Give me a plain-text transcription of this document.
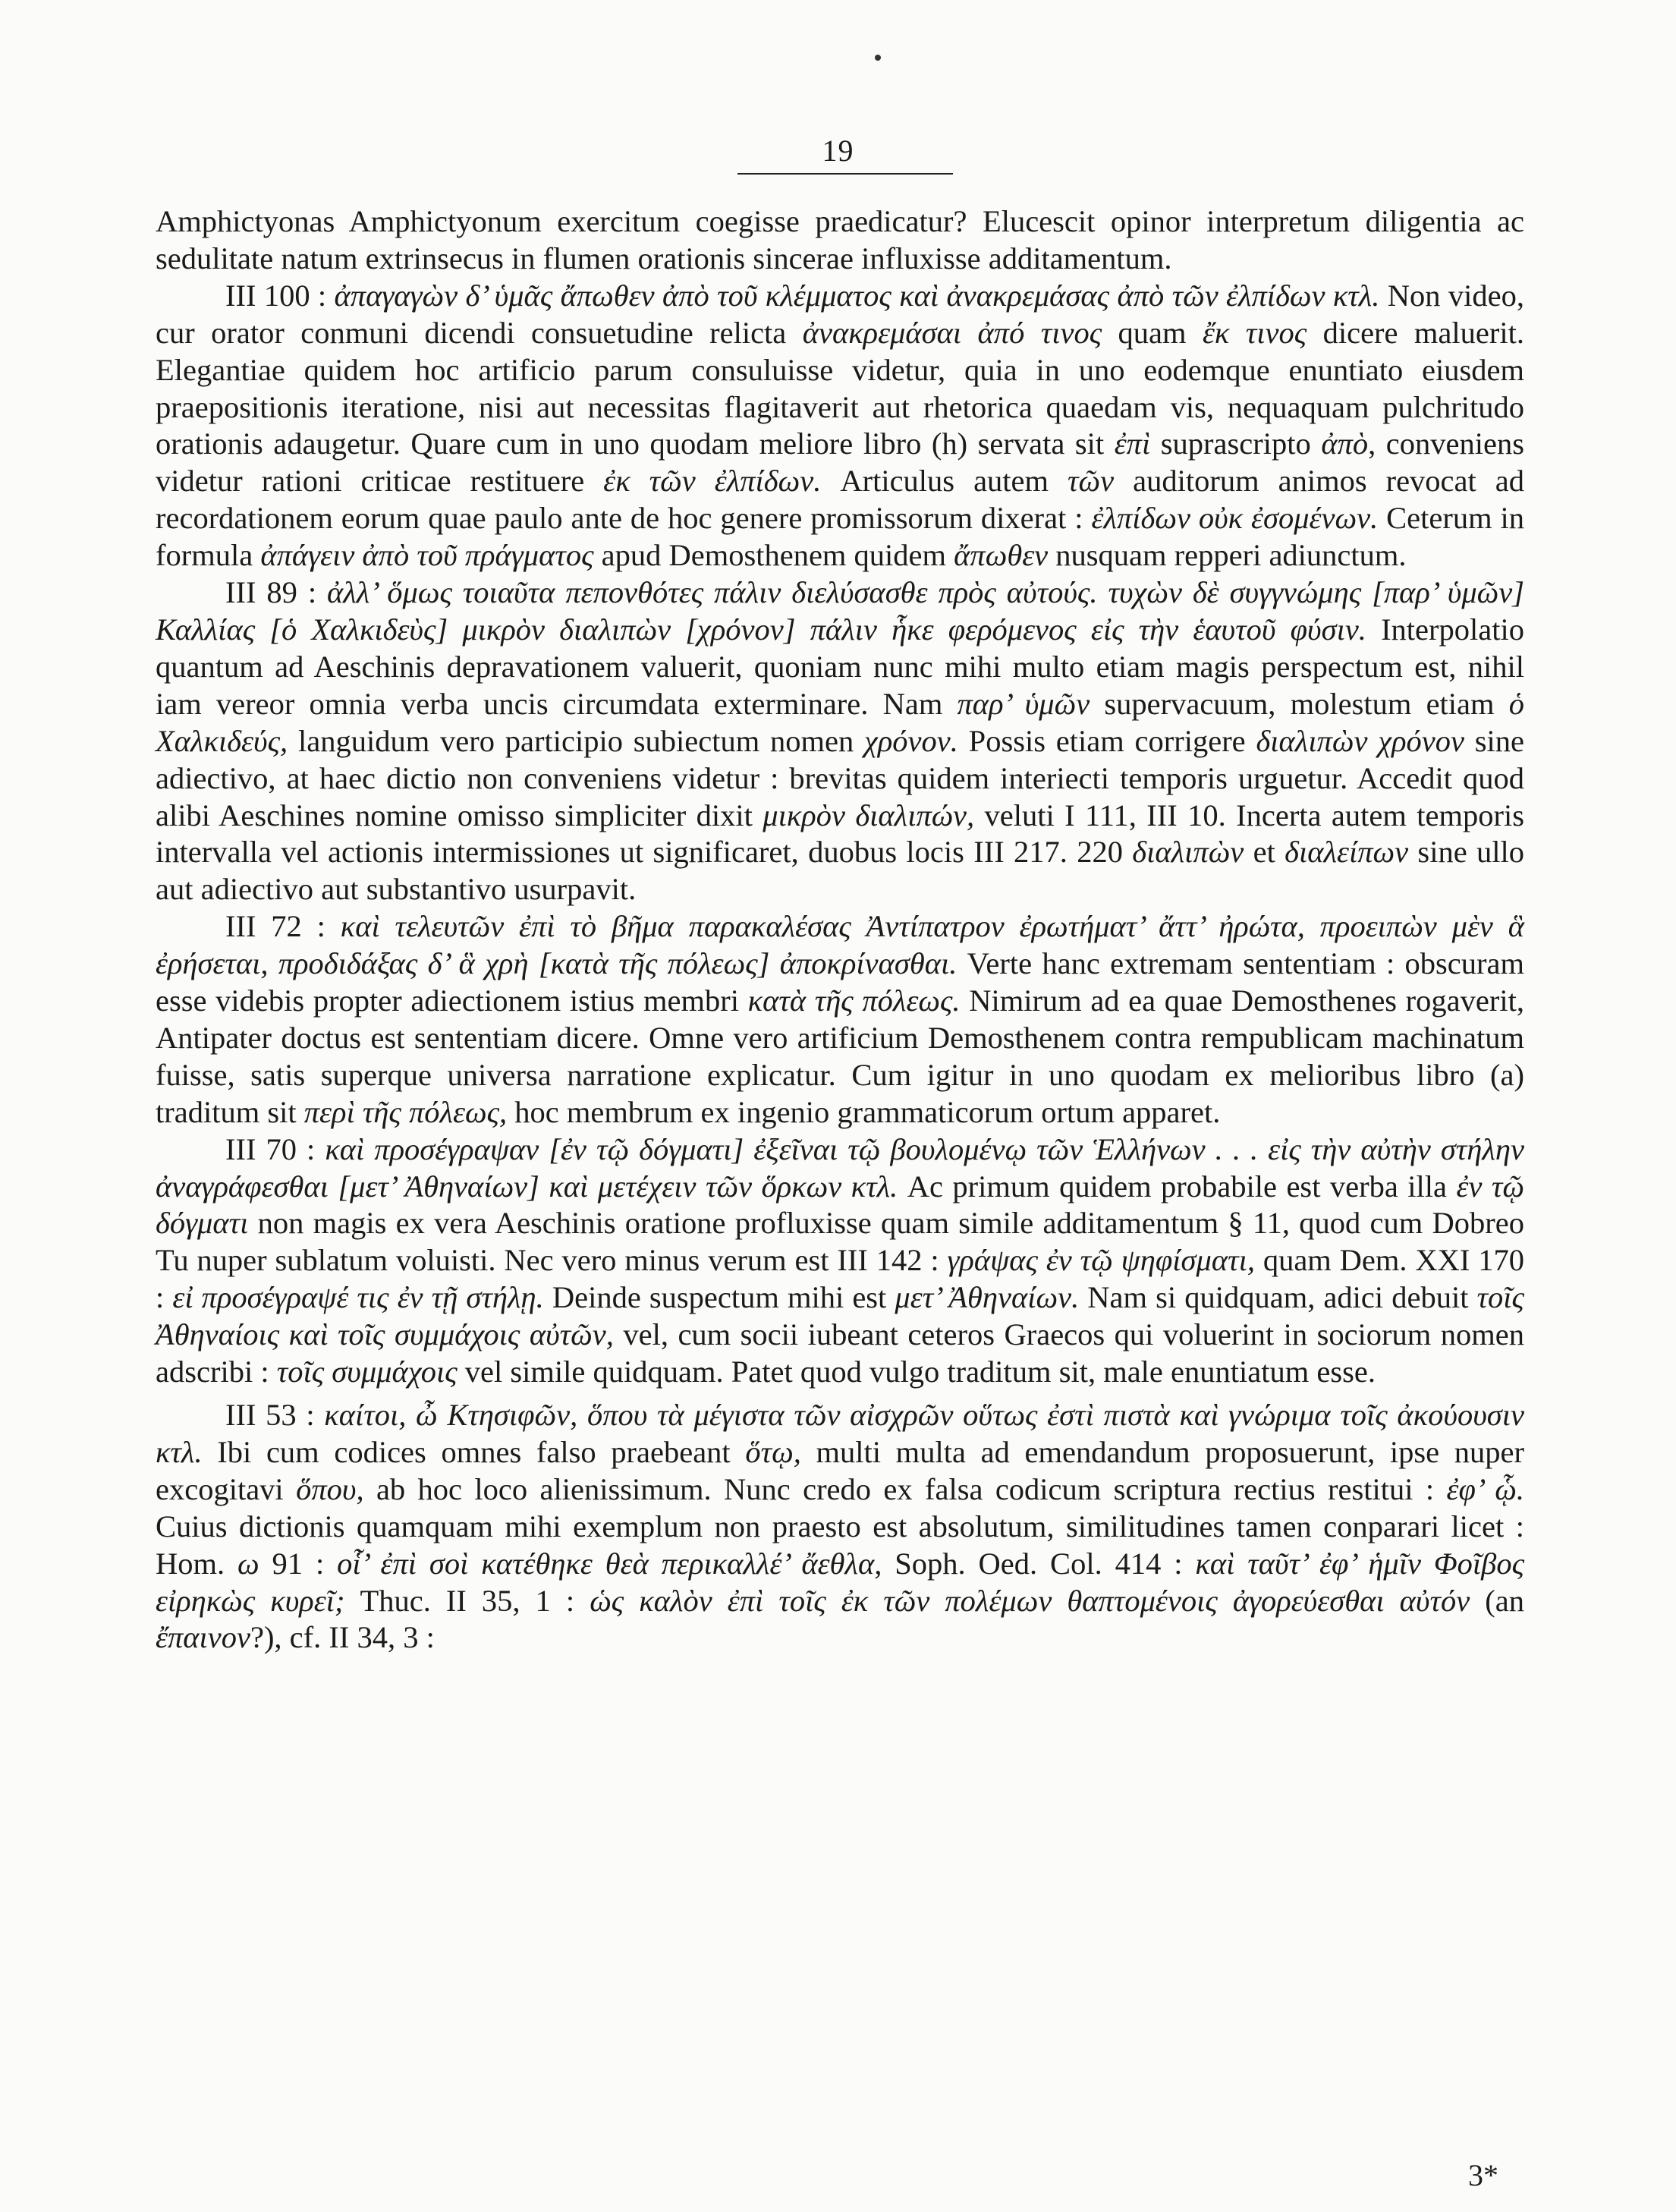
19

Amphictyonas Amphictyonum exercitum coegisse praedicatur? Elucescit opinor interpretum diligentia ac sedulitate natum extrinsecus in flumen orationis sincerae influxisse additamentum.

III 100 : ἀπαγαγὼν δ’ ὑμᾶς ἄπωθεν ἀπὸ τοῦ κλέμματος καὶ ἀνακρεμάσας ἀπὸ τῶν ἐλπίδων κτλ. Non video, cur orator conmuni dicendi consuetudine relicta ἀνακρεμάσαι ἀπό τινος quam ἔκ τινος dicere maluerit. Elegantiae quidem hoc artificio parum consuluisse videtur, quia in uno eodemque enuntiato eiusdem praepositionis iteratione, nisi aut necessitas flagitaverit aut rhetorica quaedam vis, nequaquam pulchritudo orationis adaugetur. Quare cum in uno quodam meliore libro (h) servata sit ἐπὶ suprascripto ἀπὸ, conveniens videtur rationi criticae restituere ἐκ τῶν ἐλπίδων. Articulus autem τῶν auditorum animos revocat ad recordationem eorum quae paulo ante de hoc genere promissorum dixerat : ἐλπίδων οὐκ ἐσομένων. Ceterum in formula ἀπάγειν ἀπὸ τοῦ πράγματος apud Demosthenem quidem ἄπωθεν nusquam repperi adiunctum.

III 89 : ἀλλ’ ὅμως τοιαῦτα πεπονθότες πάλιν διελύσασθε πρὸς αὐτούς. τυχὼν δὲ συγγνώμης [παρ’ ὑμῶν] Καλλίας [ὁ Χαλκιδεὺς] μικρὸν διαλιπὼν [χρόνον] πάλιν ἧκε φερόμενος εἰς τὴν ἑαυτοῦ φύσιν. Interpolatio quantum ad Aeschinis depravationem valuerit, quoniam nunc mihi multo etiam magis perspectum est, nihil iam vereor omnia verba uncis circumdata exterminare. Nam παρ’ ὑμῶν supervacuum, molestum etiam ὁ Χαλκιδεύς, languidum vero participio subiectum nomen χρόνον. Possis etiam corrigere διαλιπὼν χρόνον sine adiectivo, at haec dictio non conveniens videtur : brevitas quidem interiecti temporis urguetur. Accedit quod alibi Aeschines nomine omisso simpliciter dixit μικρὸν διαλιπών, veluti I 111, III 10. Incerta autem temporis intervalla vel actionis intermissiones ut significaret, duobus locis III 217. 220 διαλιπὼν et διαλείπων sine ullo aut adiectivo aut substantivo usurpavit.

III 72 : καὶ τελευτῶν ἐπὶ τὸ βῆμα παρακαλέσας Ἀντίπατρον ἐρωτήματ’ ἄττ’ ἠρώτα, προειπὼν μὲν ἃ ἐρήσεται, προδιδάξας δ’ ἃ χρὴ [κατὰ τῆς πόλεως] ἀποκρίνασθαι. Verte hanc extremam sententiam : obscuram esse videbis propter adiectionem istius membri κατὰ τῆς πόλεως. Nimirum ad ea quae Demosthenes rogaverit, Antipater doctus est sententiam dicere. Omne vero artificium Demosthenem contra rempublicam machinatum fuisse, satis superque universa narratione explicatur. Cum igitur in uno quodam ex melioribus libro (a) traditum sit περὶ τῆς πόλεως, hoc membrum ex ingenio grammaticorum ortum apparet.

III 70 : καὶ προσέγραψαν [ἐν τῷ δόγματι] ἐξεῖναι τῷ βουλομένῳ τῶν Ἑλλήνων . . . εἰς τὴν αὐτὴν στήλην ἀναγράφεσθαι [μετ’ Ἀθηναίων] καὶ μετέχειν τῶν ὅρκων κτλ. Ac primum quidem probabile est verba illa ἐν τῷ δόγματι non magis ex vera Aeschinis oratione profluxisse quam simile additamentum § 11, quod cum Dobreo Tu nuper sublatum voluisti. Nec vero minus verum est III 142 : γράψας ἐν τῷ ψηφίσματι, quam Dem. XXI 170 : εἰ προσέγραψέ τις ἐν τῇ στήλῃ. Deinde suspectum mihi est μετ’ Ἀθηναίων. Nam si quidquam, adici debuit τοῖς Ἀθηναίοις καὶ τοῖς συμμάχοις αὐτῶν, vel, cum socii iubeant ceteros Graecos qui voluerint in sociorum nomen adscribi : τοῖς συμμάχοις vel simile quidquam. Patet quod vulgo traditum sit, male enuntiatum esse.

III 53 : καίτοι, ὦ Κτησιφῶν, ὅπου τὰ μέγιστα τῶν αἰσχρῶν οὕτως ἐστὶ πιστὰ καὶ γνώριμα τοῖς ἀκούουσιν κτλ. Ibi cum codices omnes falso praebeant ὅτῳ, multi multa ad emendandum proposuerunt, ipse nuper excogitavi ὅπου, ab hoc loco alienissimum. Nunc credo ex falsa codicum scriptura rectius restitui : ἐφ’ ᾧ. Cuius dictionis quamquam mihi exemplum non praesto est absolutum, similitudines tamen conparari licet : Hom. ω 91 : οἷ’ ἐπὶ σοὶ κατέθηκε θεὰ περικαλλέ’ ἄεθλα, Soph. Oed. Col. 414 : καὶ ταῦτ’ ἐφ’ ἡμῖν Φοῖβος εἰρηκὼς κυρεῖ; Thuc. II 35, 1 : ὡς καλὸν ἐπὶ τοῖς ἐκ τῶν πολέμων θαπτομένοις ἀγορεύεσθαι αὐτόν (an ἔπαινον?), cf. II 34, 3 :

3*
